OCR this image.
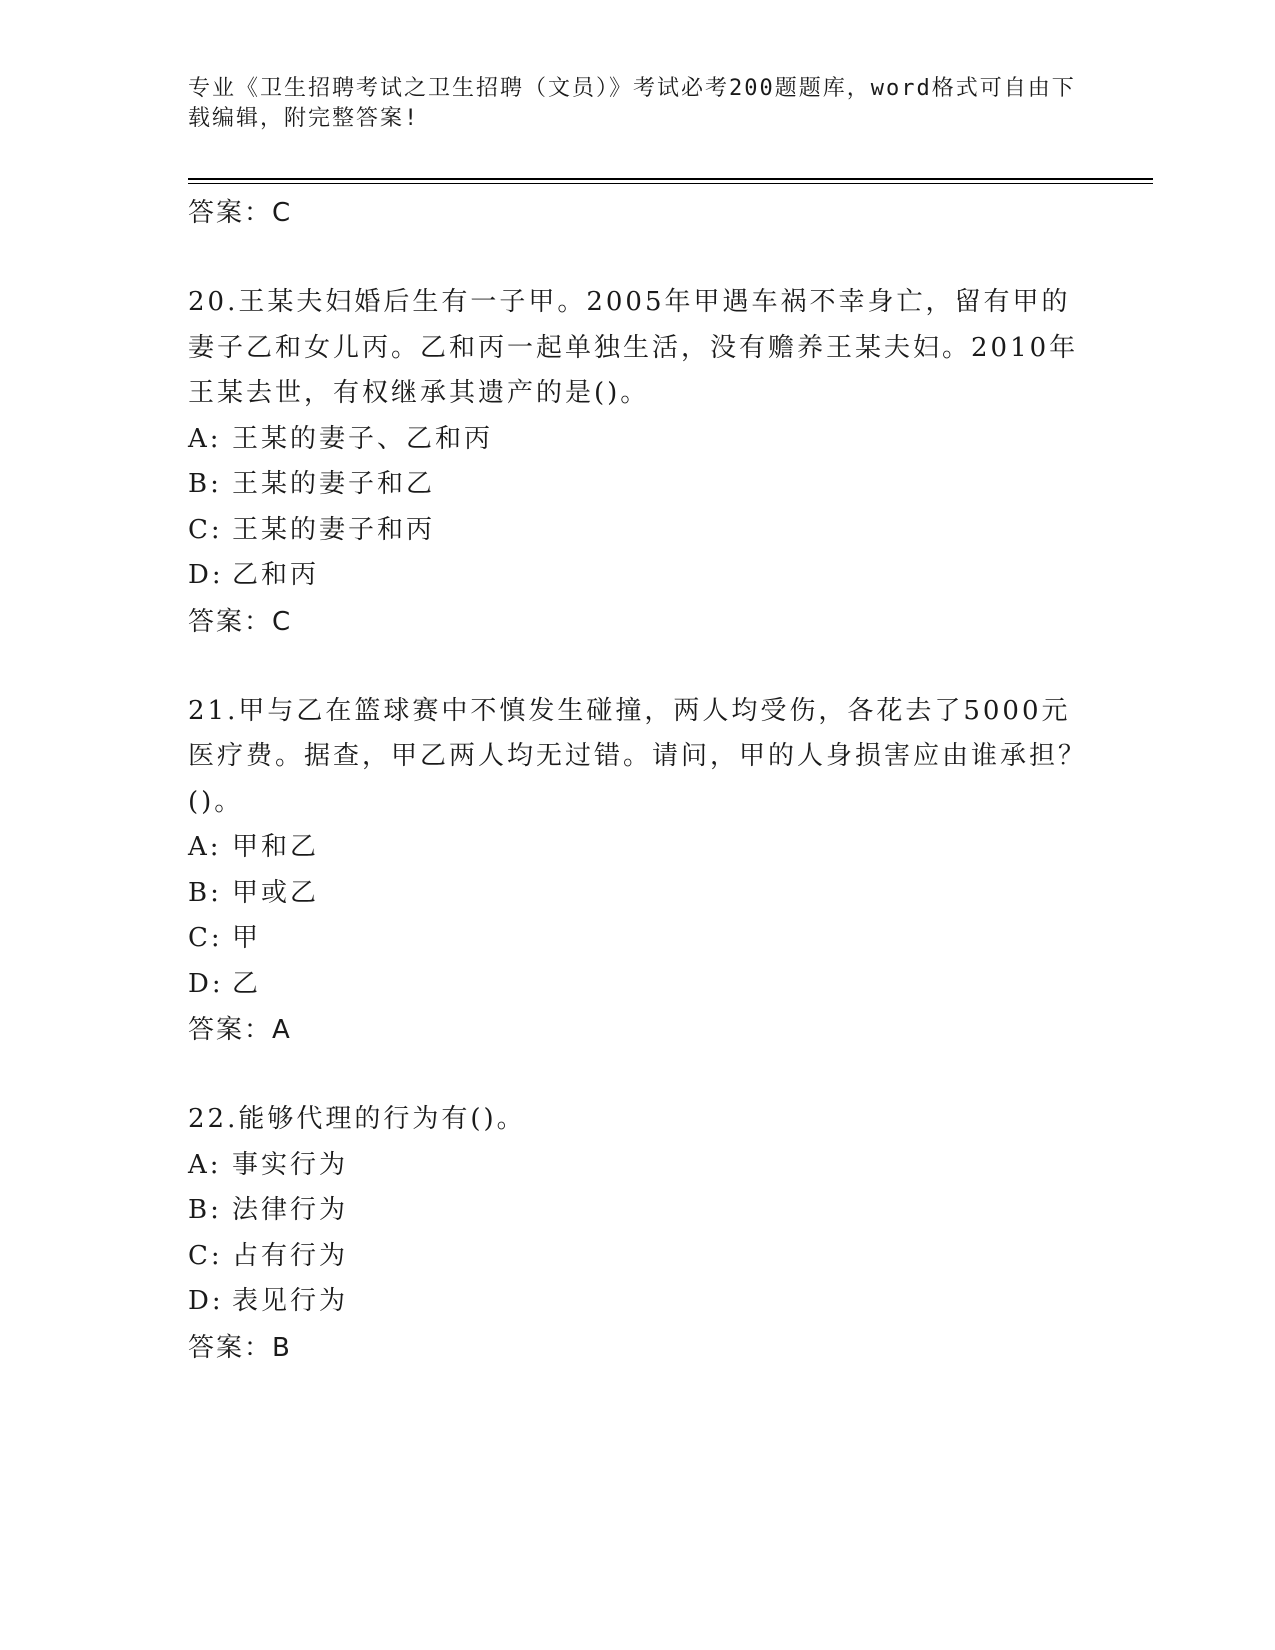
专业《卫生招聘考试之卫生招聘（文员）》考试必考200题题库，word格式可自由下载编辑，附完整答案!
答案：C
20.王某夫妇婚后生有一子甲。2005年甲遇车祸不幸身亡，留有甲的妻子乙和女儿丙。乙和丙一起单独生活，没有赡养王某夫妇。2010年王某去世，有权继承其遗产的是()。
A: 王某的妻子、乙和丙
B: 王某的妻子和乙
C: 王某的妻子和丙
D: 乙和丙
答案：C
21.甲与乙在篮球赛中不慎发生碰撞，两人均受伤，各花去了5000元医疗费。据查，甲乙两人均无过错。请问，甲的人身损害应由谁承担？()。
A: 甲和乙
B: 甲或乙
C: 甲
D: 乙
答案：A
22.能够代理的行为有()。
A: 事实行为
B: 法律行为
C: 占有行为
D: 表见行为
答案：B
